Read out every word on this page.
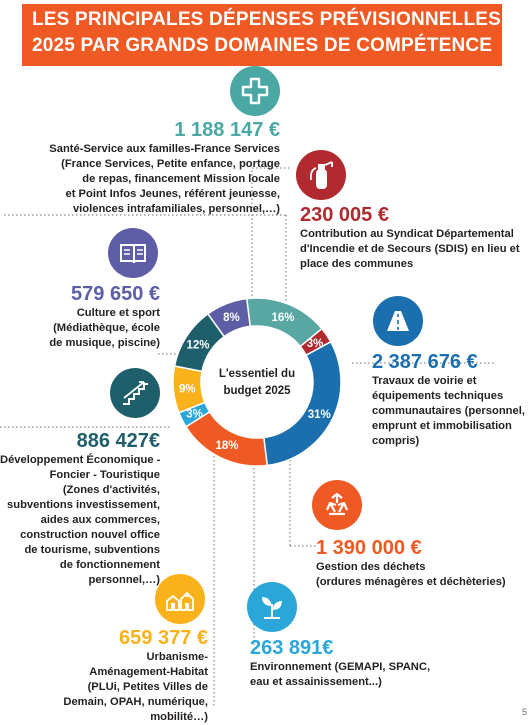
LES PRINCIPALES DÉPENSES PRÉVISIONNELLES
2025 PAR GRANDS DOMAINES DE COMPÉTENCE
16%
3%
31%
18%
3%
9%
12%
8%
L'essentiel du
budget 2025
1 188 147 €
Santé-Service aux familles-France Services
(France Services, Petite enfance, portage
de repas, financement Mission locale
et Point Infos Jeunes, référent jeunesse,
violences intrafamiliales, personnel,…) 230 005 €
Contribution au Syndicat Départemental
d'Incendie et de Secours (SDIS) en lieu et
place des communes
579 650 €
Culture et sport
(Médiathèque, école
de musique, piscine)
2 387 676 €
Travaux de voirie et
équipements techniques
communautaires (personnel,
emprunt et immobilisation
compris)
886 427€
Développement Économique -
Foncier - Touristique
(Zones d'activités,
subventions investissement,
aides aux commerces,
construction nouvel office
de tourisme, subventions
de fonctionnement
personnel,…)
1 390 000 €
Gestion des déchets
(ordures ménagères et déchèteries)
659 377 €
Urbanisme-
Aménagement-Habitat
(PLUi, Petites Villes de
Demain, OPAH, numérique,
mobilité…)
263 891€
Environnement (GEMAPI, SPANC,
eau et assainissement...)
5
